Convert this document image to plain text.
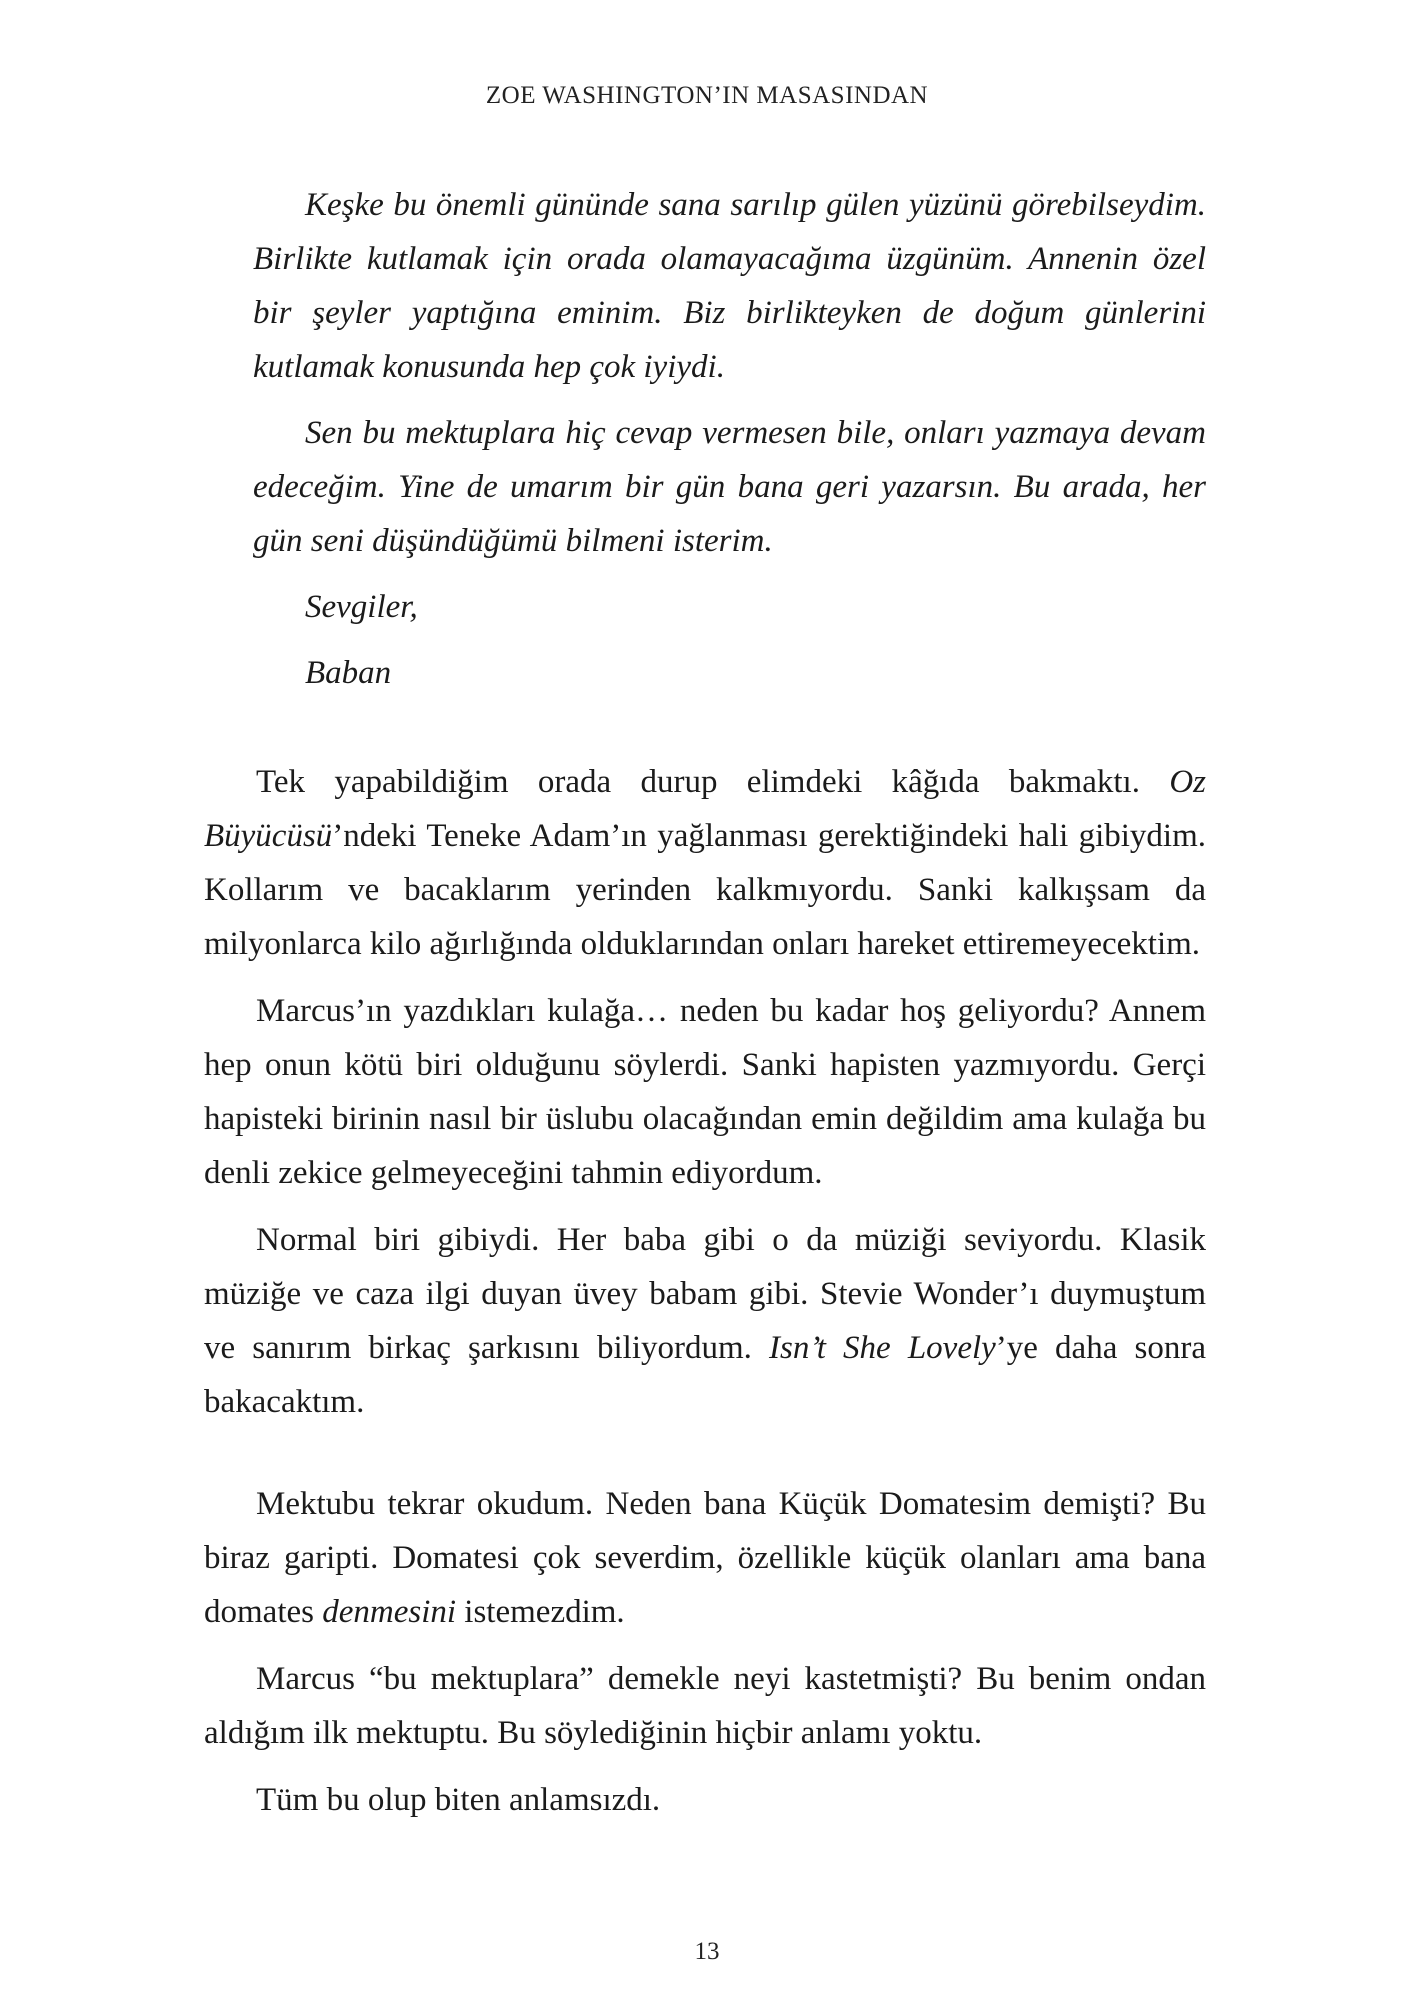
ZOE WASHINGTON’IN MASASINDAN

Keşke bu önemli gününde sana sarılıp gülen yüzünü görebilseydim. Birlikte kutlamak için orada olamayacağıma üzgünüm. Annenin özel bir şeyler yaptığına eminim. Biz birlikteyken de doğum günlerini kutlamak konusunda hep çok iyiydi.

Sen bu mektuplara hiç cevap vermesen bile, onları yazmaya devam edeceğim. Yine de umarım bir gün bana geri yazarsın. Bu arada, her gün seni düşündüğümü bilmeni isterim.

Sevgiler,

Baban

Tek yapabildiğim orada durup elimdeki kâğıda bakmaktı. Oz Büyücüsü’ndeki Teneke Adam’ın yağlanması gerektiğindeki hali gibiydim. Kollarım ve bacaklarım yerinden kalkmıyordu. Sanki kalkışsam da milyonlarca kilo ağırlığında olduklarından onları hareket ettiremeyecektim.

Marcus’ın yazdıkları kulağa… neden bu kadar hoş geliyordu? Annem hep onun kötü biri olduğunu söylerdi. Sanki hapisten yazmıyordu. Gerçi hapisteki birinin nasıl bir üslubu olacağından emin değildim ama kulağa bu denli zekice gelmeyeceğini tahmin ediyordum.

Normal biri gibiydi. Her baba gibi o da müziği seviyordu. Klasik müziğe ve caza ilgi duyan üvey babam gibi. Stevie Wonder’ı duymuştum ve sanırım birkaç şarkısını biliyordum. Isn’t She Lovely’ye daha sonra bakacaktım.

Mektubu tekrar okudum. Neden bana Küçük Domatesim demişti? Bu biraz garipti. Domatesi çok severdim, özellikle küçük olanları ama bana domates denmesini istemezdim.

Marcus “bu mektuplara” demekle neyi kastetmişti? Bu benim ondan aldığım ilk mektuptu. Bu söylediğinin hiçbir anlamı yoktu.

Tüm bu olup biten anlamsızdı.

13
